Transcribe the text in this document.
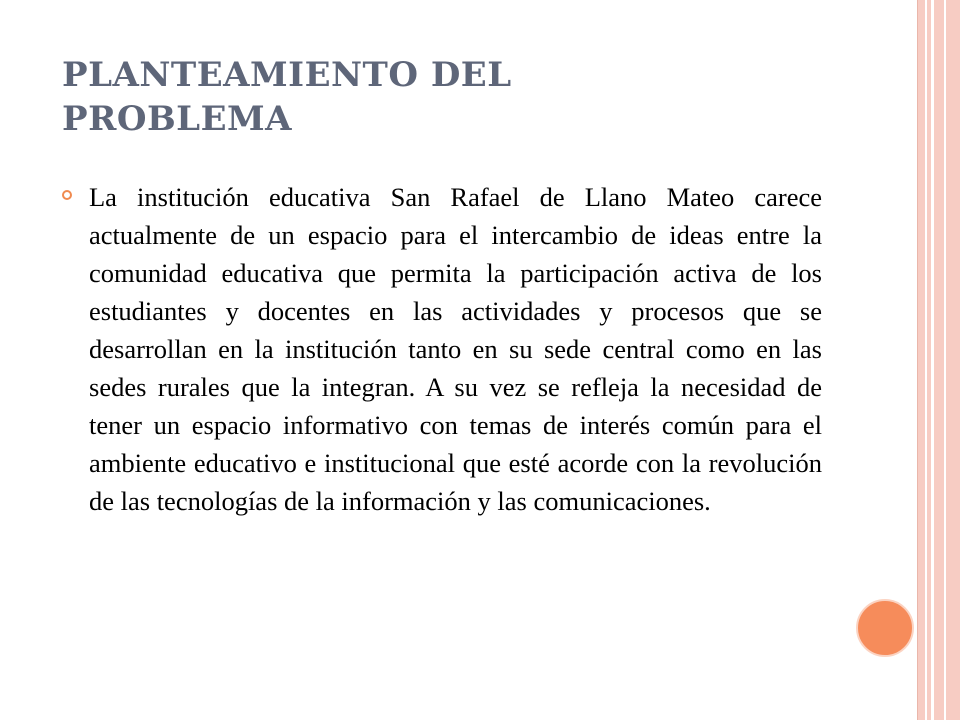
PLANTEAMIENTO DEL
PROBLEMA

La institución educativa San Rafael de Llano Mateo carece actualmente de un espacio para el intercambio de ideas entre la comunidad educativa que permita la participación activa de los estudiantes y docentes en las actividades y procesos que se desarrollan en la institución tanto en su sede central como en las sedes rurales que la integran. A su vez se refleja la necesidad de tener un espacio informativo con temas de interés común para el ambiente educativo e institucional que esté acorde con la revolución de las tecnologías de la información y las comunicaciones.
